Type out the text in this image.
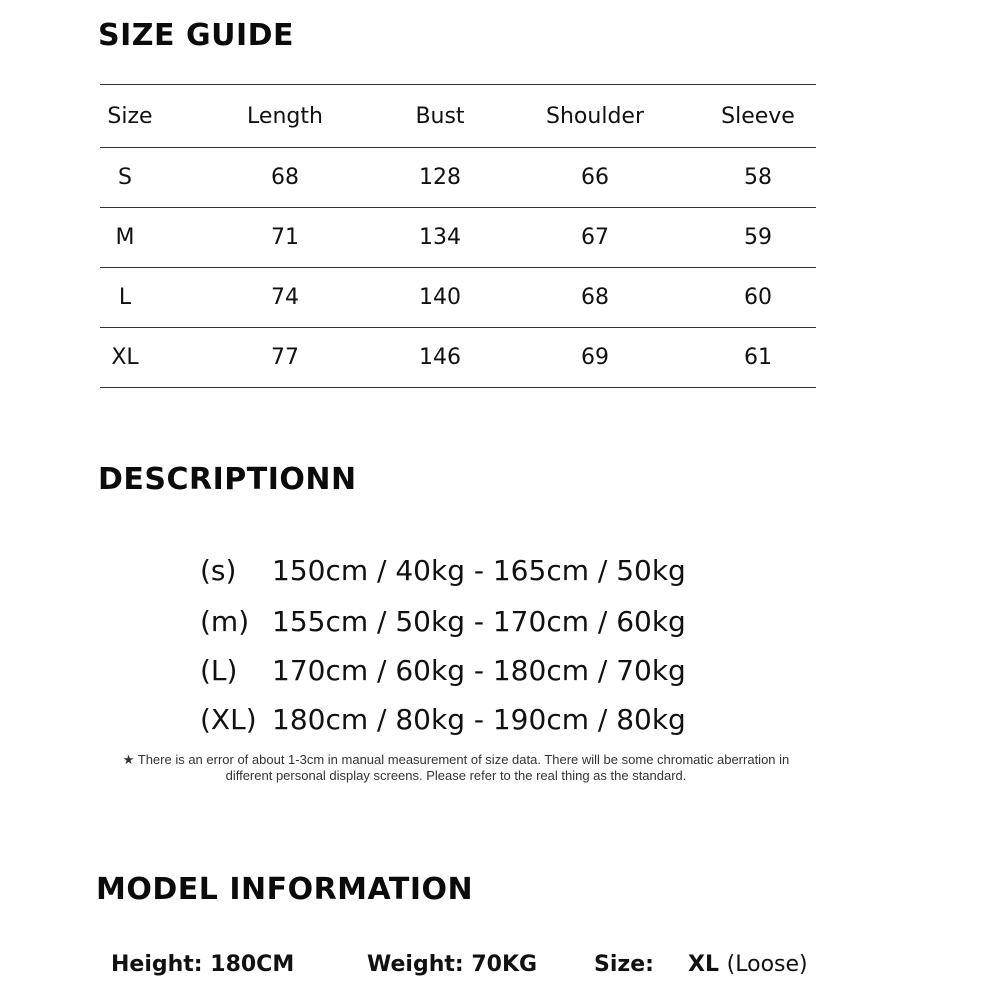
SIZE GUIDE
Size	Length	Bust	Shoulder	Sleeve
S	68	128	66	58
M	71	134	67	59
L	74	140	68	60
XL	77	146	69	61
DESCRIPTIONN
(s) 150cm / 40kg - 165cm / 50kg
(m) 155cm / 50kg - 170cm / 60kg
(L) 170cm / 60kg - 180cm / 70kg
(XL) 180cm / 80kg - 190cm / 80kg
★ There is an error of about 1-3cm in manual measurement of size data. There will be some chromatic aberration in
different personal display screens. Please refer to the real thing as the standard.
MODEL INFORMATION
Height: 180CM	Weight: 70KG	Size: XL (Loose)
